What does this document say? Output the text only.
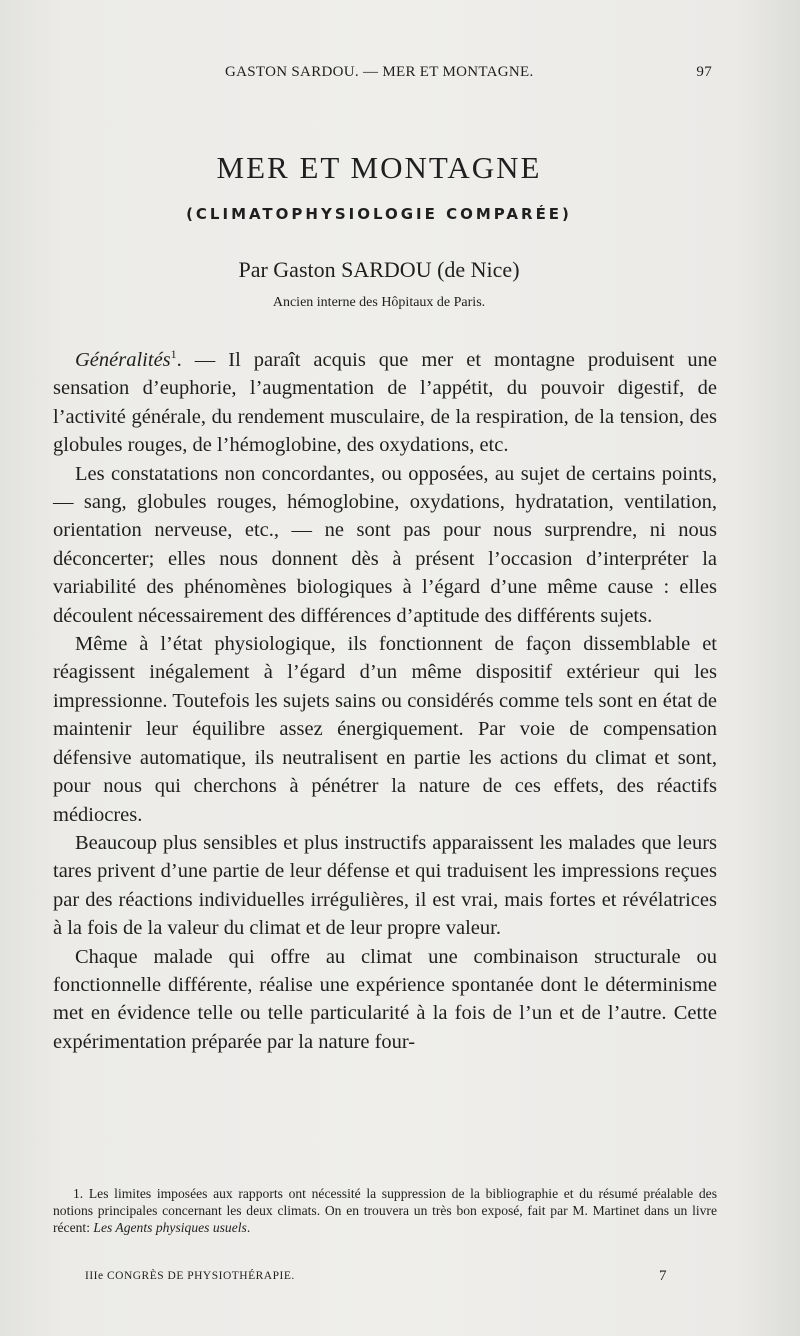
GASTON SARDOU. — MER ET MONTAGNE.	97
MER ET MONTAGNE
(CLIMATOPHYSIOLOGIE COMPARÉE)
Par Gaston SARDOU (de Nice)
Ancien interne des Hôpitaux de Paris.

Généralités$^1$. — Il paraît acquis que mer et montagne produisent une sensation d’euphorie, l’augmentation de l’appétit, du pouvoir digestif, de l’activité générale, du rendement musculaire, de la respiration, de la tension, des globules rouges, de l’hémoglobine, des oxydations, etc.

Les constatations non concordantes, ou opposées, au sujet de certains points, — sang, globules rouges, hémoglobine, oxydations, hydratation, ventilation, orientation nerveuse, etc., — ne sont pas pour nous surprendre, ni nous déconcerter; elles nous donnent dès à présent l’occasion d’interpréter la variabilité des phénomènes biologiques à l’égard d’une même cause : elles découlent nécessairement des différences d’aptitude des différents sujets.

Même à l’état physiologique, ils fonctionnent de façon dissemblable et réagissent inégalement à l’égard d’un même dispositif extérieur qui les impressionne. Toutefois les sujets sains ou considérés comme tels sont en état de maintenir leur équilibre assez énergiquement. Par voie de compensation défensive automatique, ils neutralisent en partie les actions du climat et sont, pour nous qui cherchons à pénétrer la nature de ces effets, des réactifs médiocres.

Beaucoup plus sensibles et plus instructifs apparaissent les malades que leurs tares privent d’une partie de leur défense et qui traduisent les impressions reçues par des réactions individuelles irrégulières, il est vrai, mais fortes et révélatrices à la fois de la valeur du climat et de leur propre valeur.

Chaque malade qui offre au climat une combinaison structurale ou fonctionnelle différente, réalise une expérience spontanée dont le déterminisme met en évidence telle ou telle particularité à la fois de l’un et de l’autre. Cette expérimentation préparée par la nature four-

1. Les limites imposées aux rapports ont nécessité la suppression de la bibliographie et du résumé préalable des notions principales concernant les deux climats. On en trouvera un très bon exposé, fait par M. Martinet dans un livre récent: Les Agents physiques usuels.

IIIe CONGRÈS DE PHYSIOTHÉRAPIE.	7
